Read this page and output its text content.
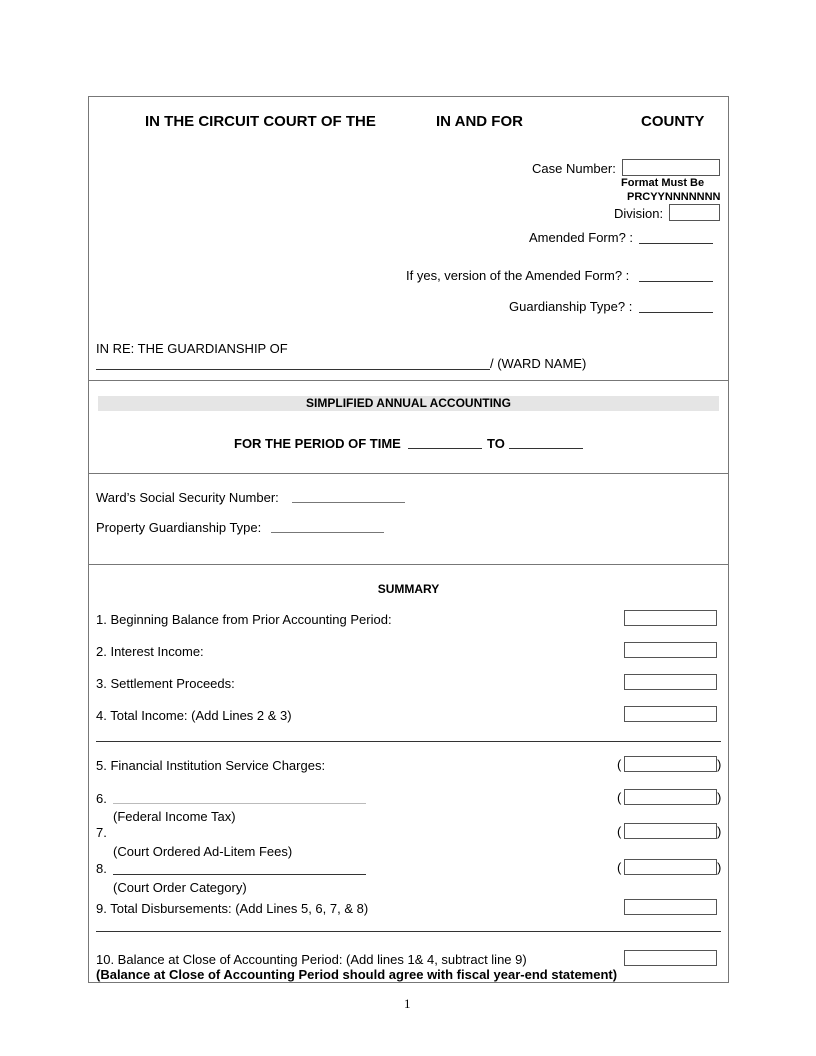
IN THE CIRCUIT COURT OF THE	IN AND FOR	COUNTY
Case Number:
Format Must Be
PRCYYNNNNNNN
Division:
Amended Form? :
If yes, version of the Amended Form? :
Guardianship Type? :
IN RE: THE GUARDIANSHIP OF
/ (WARD NAME)
SIMPLIFIED ANNUAL ACCOUNTING
FOR THE PERIOD OF TIME	TO
Ward’s Social Security Number:
Property Guardianship Type:
SUMMARY
1. Beginning Balance from Prior Accounting Period:
2. Interest Income:
3. Settlement Proceeds:
4. Total Income: (Add Lines 2 & 3)
5. Financial Institution Service Charges:	(	)
6.	(	)
(Federal Income Tax)
7.	(	)
(Court Ordered Ad-Litem Fees)
8.	(	)
(Court Order Category)
9. Total Disbursements: (Add Lines 5, 6, 7, & 8)
10. Balance at Close of Accounting Period: (Add lines 1& 4, subtract line 9)
(Balance at Close of Accounting Period should agree with fiscal year-end statement)
1
